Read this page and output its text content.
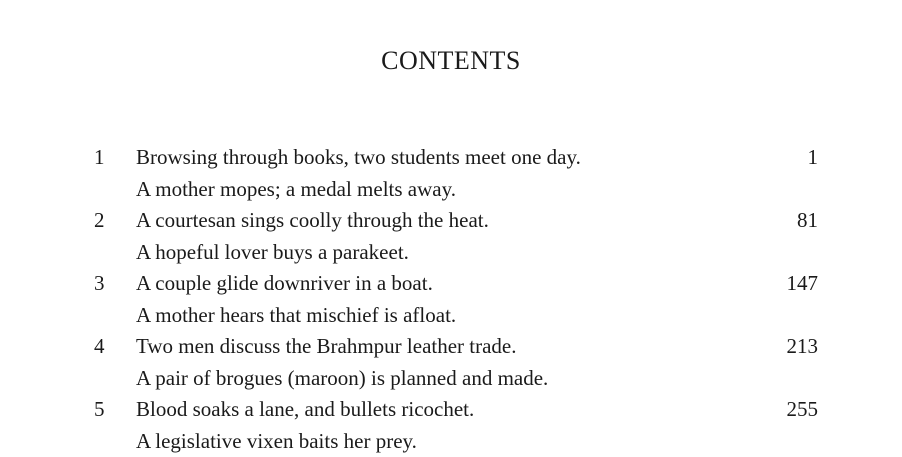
CONTENTS
1	Browsing through books, two students meet one day.	1
A mother mopes; a medal melts away.
2	A courtesan sings coolly through the heat.	81
A hopeful lover buys a parakeet.
3	A couple glide downriver in a boat.	147
A mother hears that mischief is afloat.
4	Two men discuss the Brahmpur leather trade.	213
A pair of brogues (maroon) is planned and made.
5	Blood soaks a lane, and bullets ricochet.	255
A legislative vixen baits her prey.
